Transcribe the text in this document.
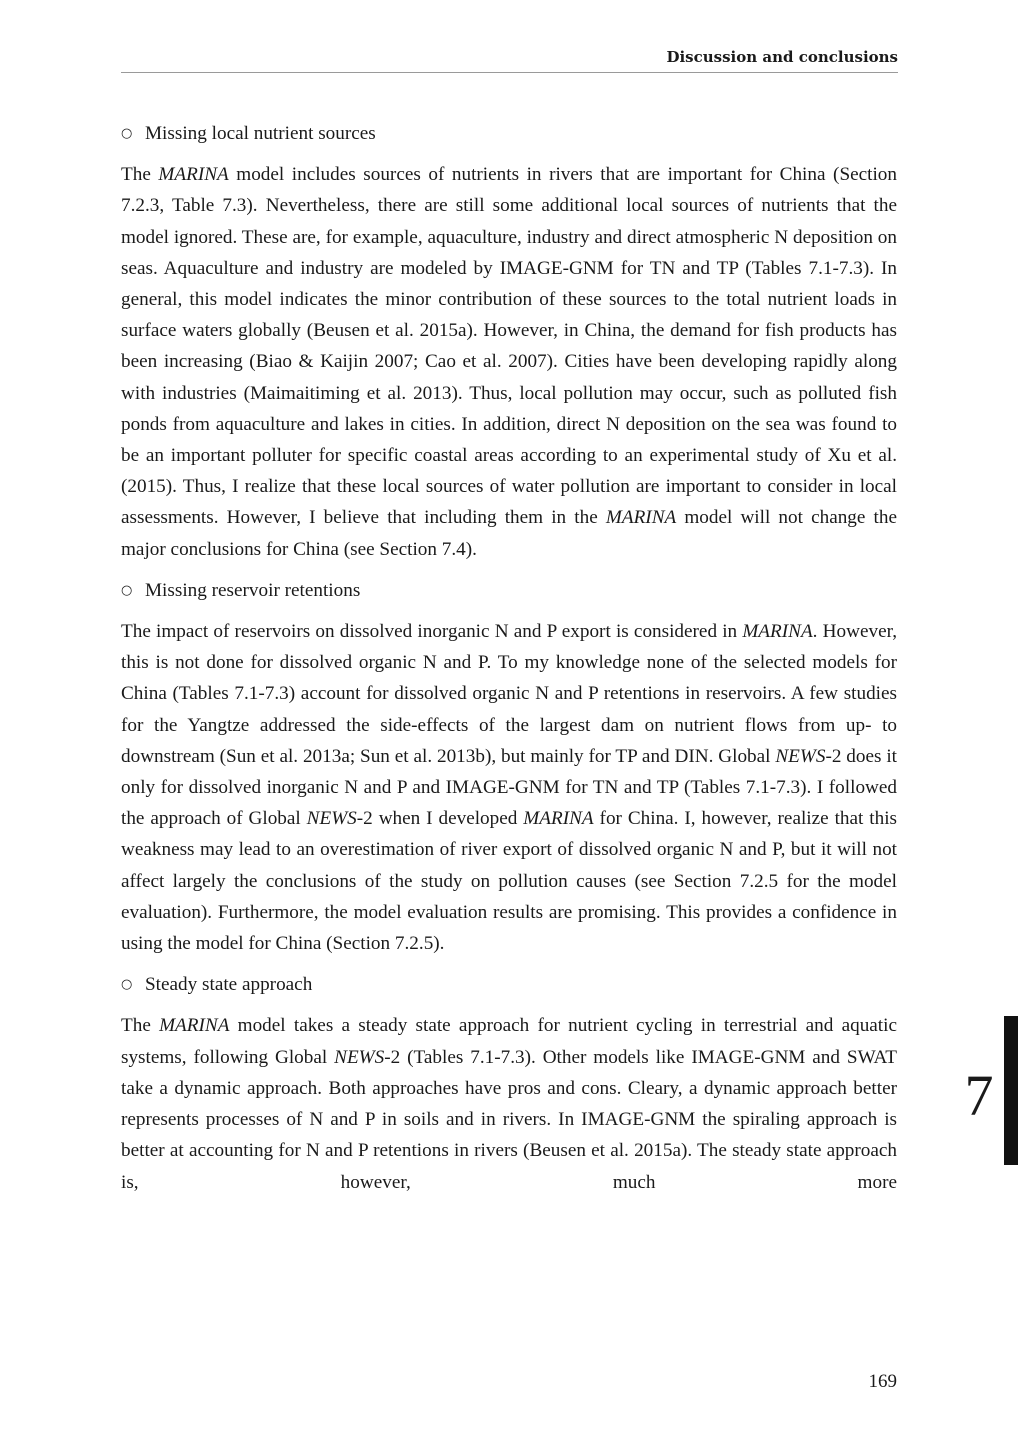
Discussion and conclusions

○ Missing local nutrient sources

The MARINA model includes sources of nutrients in rivers that are important for China (Section 7.2.3, Table 7.3). Nevertheless, there are still some additional local sources of nutrients that the model ignored. These are, for example, aquaculture, industry and direct atmospheric N deposition on seas. Aquaculture and industry are modeled by IMAGE-GNM for TN and TP (Tables 7.1-7.3). In general, this model indicates the minor contribution of these sources to the total nutrient loads in surface waters globally (Beusen et al. 2015a). However, in China, the demand for fish products has been increasing (Biao & Kaijin 2007; Cao et al. 2007). Cities have been developing rapidly along with industries (Maimaitiming et al. 2013). Thus, local pollution may occur, such as polluted fish ponds from aquaculture and lakes in cities. In addition, direct N deposition on the sea was found to be an important polluter for specific coastal areas according to an experimental study of Xu et al. (2015). Thus, I realize that these local sources of water pollution are important to consider in local assessments. However, I believe that including them in the MARINA model will not change the major conclusions for China (see Section 7.4).

○ Missing reservoir retentions

The impact of reservoirs on dissolved inorganic N and P export is considered in MARINA. However, this is not done for dissolved organic N and P. To my knowledge none of the selected models for China (Tables 7.1-7.3) account for dissolved organic N and P retentions in reservoirs. A few studies for the Yangtze addressed the side-effects of the largest dam on nutrient flows from up- to downstream (Sun et al. 2013a; Sun et al. 2013b), but mainly for TP and DIN. Global NEWS-2 does it only for dissolved inorganic N and P and IMAGE-GNM for TN and TP (Tables 7.1-7.3). I followed the approach of Global NEWS-2 when I developed MARINA for China. I, however, realize that this weakness may lead to an overestimation of river export of dissolved organic N and P, but it will not affect largely the conclusions of the study on pollution causes (see Section 7.2.5 for the model evaluation). Furthermore, the model evaluation results are promising. This provides a confidence in using the model for China (Section 7.2.5).

○ Steady state approach

The MARINA model takes a steady state approach for nutrient cycling in terrestrial and aquatic systems, following Global NEWS-2 (Tables 7.1-7.3). Other models like IMAGE-GNM and SWAT take a dynamic approach. Both approaches have pros and cons. Cleary, a dynamic approach better represents processes of N and P in soils and in rivers. In IMAGE-GNM the spiraling approach is better at accounting for N and P retentions in rivers (Beusen et al. 2015a). The steady state approach is, however, much more

7
169
